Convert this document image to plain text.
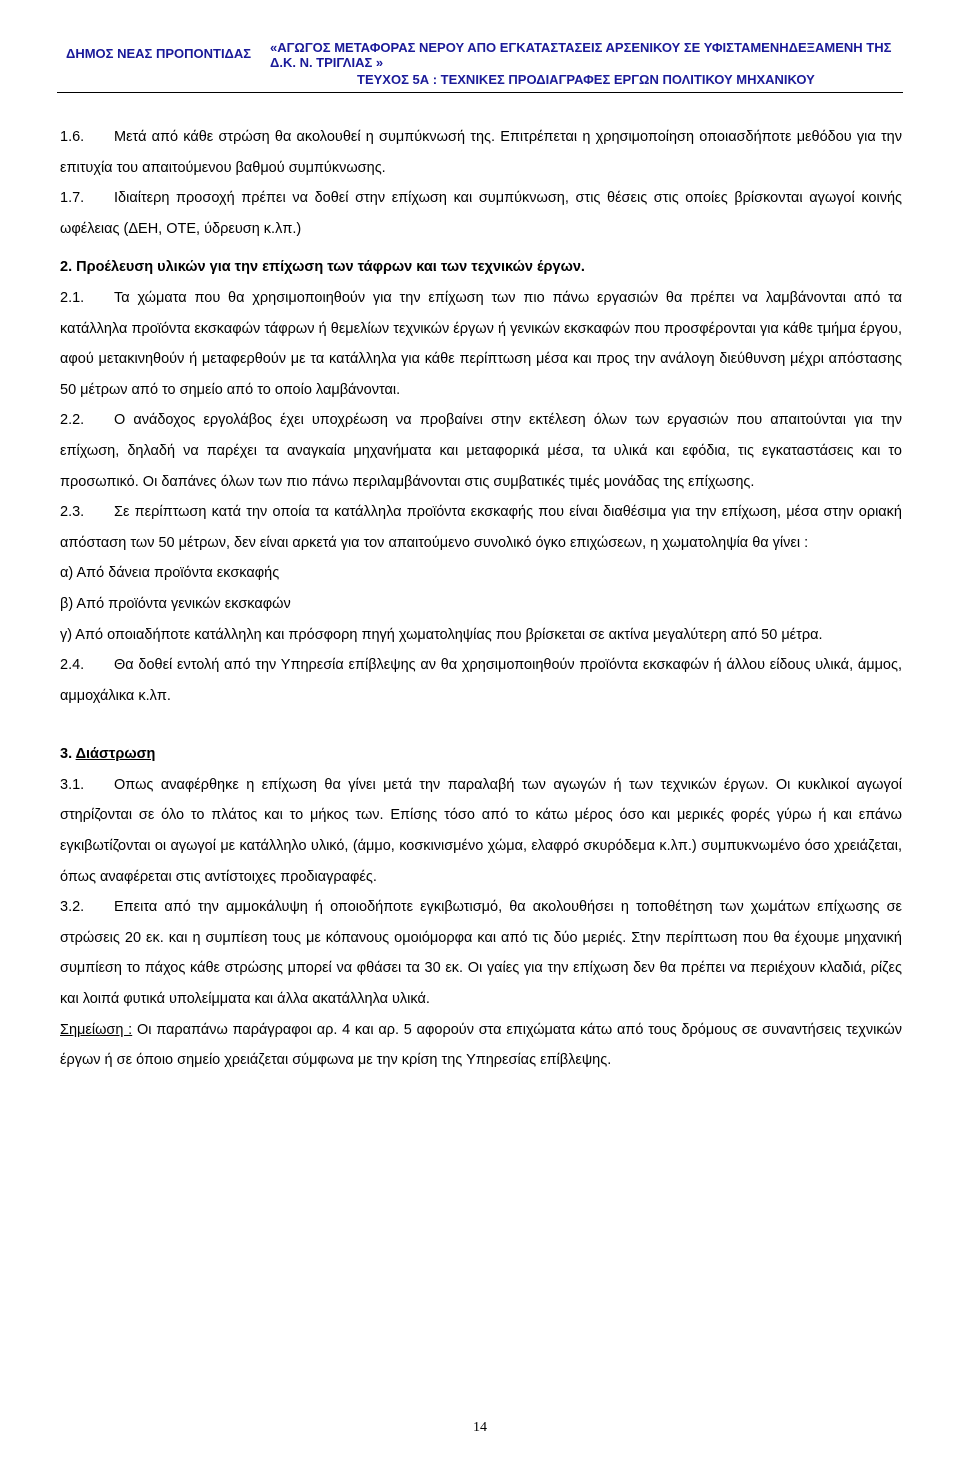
ΔΗΜΟΣ ΝΕΑΣ ΠΡΟΠΟΝΤΙΔΑΣ «ΑΓΩΓΟΣ ΜΕΤΑΦΟΡΑΣ ΝΕΡΟΥ ΑΠΟ ΕΓΚΑΤΑΣΤΑΣΕΙΣ ΑΡΣΕΝΙΚΟΥ ΣΕ ΥΦΙΣΤΑΜΕΝΗΔΕΞΑΜΕΝΗ ΤΗΣ
Δ.Κ. Ν. ΤΡΙΓΛΙΑΣ »
ΤΕΥΧΟΣ 5Α : ΤΕΧΝΙΚΕΣ ΠΡΟΔΙΑΓΡΑΦΕΣ ΕΡΓΩΝ ΠΟΛΙΤΙΚΟΥ ΜΗΧΑΝΙΚΟΥ

1.6. Μετά από κάθε στρώση θα ακολουθεί η συμπύκνωσή της. Επιτρέπεται η χρησιμοποίηση οποιασδήποτε μεθόδου για την επιτυχία του απαιτούμενου βαθμού συμπύκνωσης.

1.7. Ιδιαίτερη προσοχή πρέπει να δοθεί στην επίχωση και συμπύκνωση, στις θέσεις στις οποίες βρίσκονται αγωγοί κοινής ωφέλειας (ΔΕΗ, ΟΤΕ, ύδρευση κ.λπ.)

2. Προέλευση υλικών για την επίχωση των τάφρων και των τεχνικών έργων.

2.1. Τα χώματα που θα χρησιμοποιηθούν για την επίχωση των πιο πάνω εργασιών θα πρέπει να λαμβάνονται από τα κατάλληλα προϊόντα εκσκαφών τάφρων ή θεμελίων τεχνικών έργων ή γενικών εκσκαφών που προσφέρονται για κάθε τμήμα έργου, αφού μετακινηθούν ή μεταφερθούν με τα κατάλληλα για κάθε περίπτωση μέσα και προς την ανάλογη διεύθυνση μέχρι απόστασης 50 μέτρων από το σημείο από το οποίο λαμβάνονται.

2.2. Ο ανάδοχος εργολάβος έχει υποχρέωση να προβαίνει στην εκτέλεση όλων των εργασιών που απαιτούνται για την επίχωση, δηλαδή να παρέχει τα αναγκαία μηχανήματα και μεταφορικά μέσα, τα υλικά και εφόδια, τις εγκαταστάσεις και το προσωπικό. Οι δαπάνες όλων των πιο πάνω περιλαμβάνονται στις συμβατικές τιμές μονάδας της επίχωσης.

2.3. Σε περίπτωση κατά την οποία τα κατάλληλα προϊόντα εκσκαφής που είναι διαθέσιμα για την επίχωση, μέσα στην οριακή απόσταση των 50 μέτρων, δεν είναι αρκετά για τον απαιτούμενο συνολικό όγκο επιχώσεων, η χωματοληψία θα γίνει :

α) Από δάνεια προϊόντα εκσκαφής

β) Από προϊόντα γενικών εκσκαφών

γ) Από οποιαδήποτε κατάλληλη και πρόσφορη πηγή χωματοληψίας που βρίσκεται σε ακτίνα μεγαλύτερη από 50 μέτρα.

2.4. Θα δοθεί εντολή από την Υπηρεσία επίβλεψης αν θα χρησιμοποιηθούν προϊόντα εκσκαφών ή άλλου είδους υλικά, άμμος, αμμοχάλικα κ.λπ.

3. Διάστρωση

3.1. Οπως αναφέρθηκε η επίχωση θα γίνει μετά την παραλαβή των αγωγών ή των τεχνικών έργων. Οι κυκλικοί αγωγοί στηρίζονται σε όλο το πλάτος και το μήκος των. Επίσης τόσο από το κάτω μέρος όσο και μερικές φορές γύρω ή και επάνω εγκιβωτίζονται οι αγωγοί με κατάλληλο υλικό, (άμμο, κοσκινισμένο χώμα, ελαφρό σκυρόδεμα κ.λπ.) συμπυκνωμένο όσο χρειάζεται, όπως αναφέρεται στις αντίστοιχες προδιαγραφές.

3.2. Επειτα από την αμμοκάλυψη ή οποιοδήποτε εγκιβωτισμό, θα ακολουθήσει η τοποθέτηση των χωμάτων επίχωσης σε στρώσεις 20 εκ. και η συμπίεση τους με κόπανους ομοιόμορφα και από τις δύο μεριές. Στην περίπτωση που θα έχουμε μηχανική συμπίεση το πάχος κάθε στρώσης μπορεί να φθάσει τα 30 εκ. Οι γαίες για την επίχωση δεν θα πρέπει να περιέχουν κλαδιά, ρίζες και λοιπά φυτικά υπολείμματα και άλλα ακατάλληλα υλικά.

Σημείωση : Οι παραπάνω παράγραφοι αρ. 4 και αρ. 5 αφορούν στα επιχώματα κάτω από τους δρόμους σε συναντήσεις τεχνικών έργων ή σε όποιο σημείο χρειάζεται σύμφωνα με την κρίση της Υπηρεσίας επίβλεψης.

14
